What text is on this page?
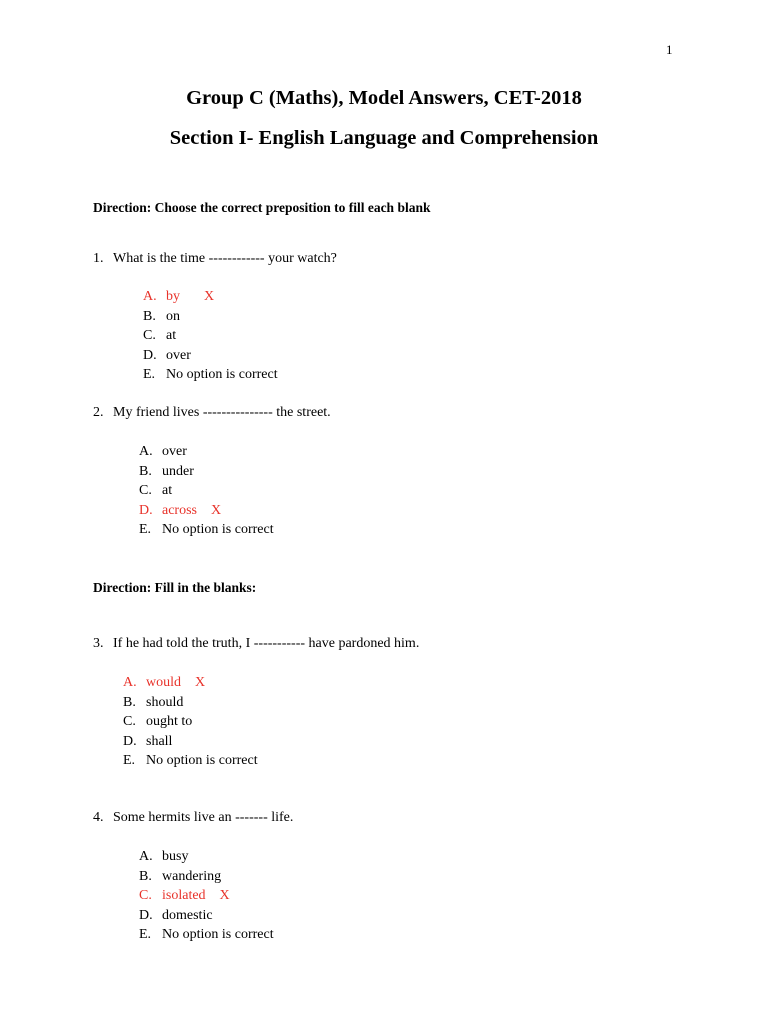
1
Group C (Maths), Model Answers, CET-2018
Section I- English Language and Comprehension
Direction: Choose the correct preposition to fill each blank
1. What is the time ------------ your watch?
A. by X
B. on
C. at
D. over
E. No option is correct
2. My friend lives --------------- the street.
A. over
B. under
C. at
D. across X
E. No option is correct
Direction: Fill in the blanks:
3. If he had told the truth, I ----------- have pardoned him.
A. would X
B. should
C. ought to
D. shall
E. No option is correct
4. Some hermits live an ------- life.
A. busy
B. wandering
C. isolated X
D. domestic
E. No option is correct
